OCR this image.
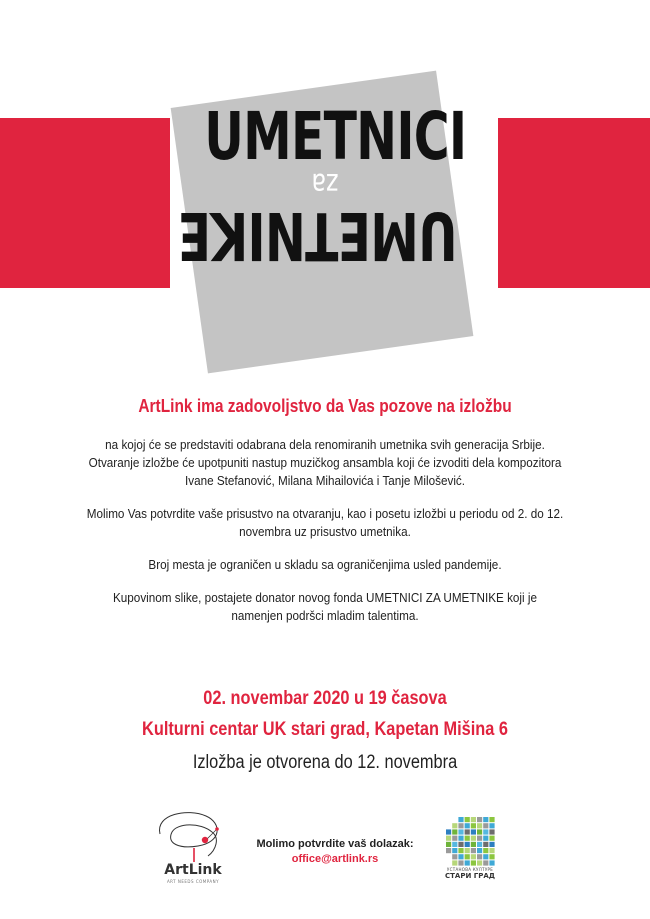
UMETNICI
za
UMETNIKE
ArtLink ima zadovoljstvo da Vas pozove na izložbu

na kojoj će se predstaviti odabrana dela renomiranih umetnika svih generacija Srbije. Otvaranje izložbe će upotpuniti nastup muzičkog ansambla koji će izvoditi dela kompozitora Ivane Stefanović, Milana Mihailovića i Tanje Milošević.

Molimo Vas potvrdite vaše prisustvo na otvaranju, kao i posetu izložbi u periodu od 2. do 12. novembra uz prisustvo umetnika.

Broj mesta je ograničen u skladu sa ograničenjima usled pandemije.

Kupovinom slike, postajete donator novog fonda UMETNICI ZA UMETNIKE koji je namenjen podršci mladim talentima.

02. novembar 2020 u 19 časova
Kulturni centar UK stari grad, Kapetan Mišina 6
Izložba je otvorena do 12. novembra
ArtLink
ART NEEDS COMPANY
Molimo potvrdite vaš dolazak:
office@artlink.rs
УСТАНОВА КУЛТУРЕ
СТАРИ ГРАД
